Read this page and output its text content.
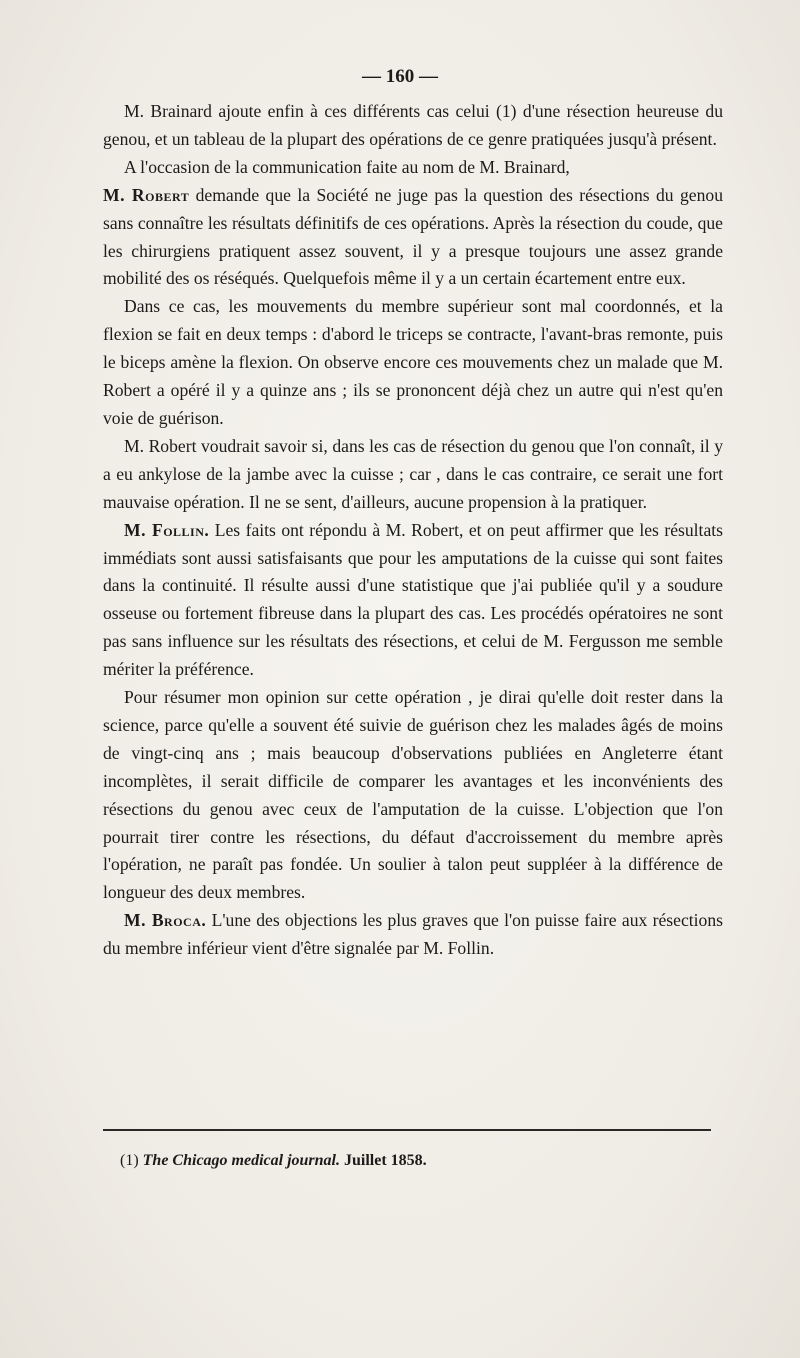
— 160 —

M. Brainard ajoute enfin à ces différents cas celui (1) d'une résection heureuse du genou, et un tableau de la plupart des opérations de ce genre pratiquées jusqu'à présent.

A l'occasion de la communication faite au nom de M. Brainard,

M. Robert demande que la Société ne juge pas la question des résections du genou sans connaître les résultats définitifs de ces opérations. Après la résection du coude, que les chirurgiens pratiquent assez souvent, il y a presque toujours une assez grande mobilité des os réséqués. Quelquefois même il y a un certain écartement entre eux.

Dans ce cas, les mouvements du membre supérieur sont mal coordonnés, et la flexion se fait en deux temps : d'abord le triceps se contracte, l'avant-bras remonte, puis le biceps amène la flexion. On observe encore ces mouvements chez un malade que M. Robert a opéré il y a quinze ans ; ils se prononcent déjà chez un autre qui n'est qu'en voie de guérison.

M. Robert voudrait savoir si, dans les cas de résection du genou que l'on connaît, il y a eu ankylose de la jambe avec la cuisse ; car , dans le cas contraire, ce serait une fort mauvaise opération. Il ne se sent, d'ailleurs, aucune propension à la pratiquer.

M. Follin. Les faits ont répondu à M. Robert, et on peut affirmer que les résultats immédiats sont aussi satisfaisants que pour les amputations de la cuisse qui sont faites dans la continuité. Il résulte aussi d'une statistique que j'ai publiée qu'il y a soudure osseuse ou fortement fibreuse dans la plupart des cas. Les procédés opératoires ne sont pas sans influence sur les résultats des résections, et celui de M. Fergusson me semble mériter la préférence.

Pour résumer mon opinion sur cette opération , je dirai qu'elle doit rester dans la science, parce qu'elle a souvent été suivie de guérison chez les malades âgés de moins de vingt-cinq ans ; mais beaucoup d'observations publiées en Angleterre étant incomplètes, il serait difficile de comparer les avantages et les inconvénients des résections du genou avec ceux de l'amputation de la cuisse. L'objection que l'on pourrait tirer contre les résections, du défaut d'accroissement du membre après l'opération, ne paraît pas fondée. Un soulier à talon peut suppléer à la différence de longueur des deux membres.

M. Broca. L'une des objections les plus graves que l'on puisse faire aux résections du membre inférieur vient d'être signalée par M. Follin.

(1) The Chicago medical journal. Juillet 1858.
